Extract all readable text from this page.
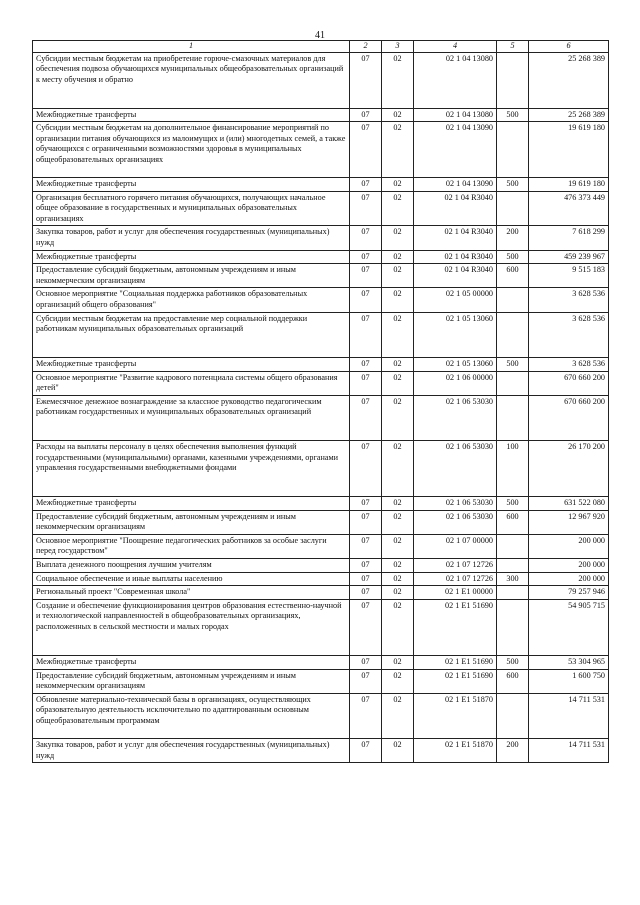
41
1	2	3	4	5	6
Субсидии местным бюджетам на приобретение горюче-смазочных материалов для обеспечения подвоза обучающихся муниципальных общеобразовательных организаций к месту обучения и обратно	07	02	02 1 04 13080		25 268 389
Межбюджетные трансферты	07	02	02 1 04 13080	500	25 268 389
Субсидии местным бюджетам на дополнительное финансирование мероприятий по организации питания обучающихся из малоимущих и (или) многодетных семей, а также обучающихся с ограниченными возможностями здоровья в муниципальных общеобразовательных организациях	07	02	02 1 04 13090		19 619 180
Межбюджетные трансферты	07	02	02 1 04 13090	500	19 619 180
Организация бесплатного горячего питания обучающихся, получающих начальное общее образование в государственных и муниципальных образовательных организациях	07	02	02 1 04 R3040		476 373 449
Закупка товаров, работ и услуг для обеспечения государственных (муниципальных) нужд	07	02	02 1 04 R3040	200	7 618 299
Межбюджетные трансферты	07	02	02 1 04 R3040	500	459 239 967
Предоставление субсидий бюджетным, автономным учреждениям и иным некоммерческим организациям	07	02	02 1 04 R3040	600	9 515 183
Основное мероприятие "Социальная поддержка работников образовательных организаций общего образования"	07	02	02 1 05 00000		3 628 536
Субсидии местным бюджетам на предоставление мер социальной поддержки работникам муниципальных образовательных организаций	07	02	02 1 05 13060		3 628 536
Межбюджетные трансферты	07	02	02 1 05 13060	500	3 628 536
Основное мероприятие "Развитие кадрового потенциала системы общего образования детей"	07	02	02 1 06 00000		670 660 200
Ежемесячное денежное вознаграждение за классное руководство педагогическим работникам государственных и муниципальных образовательных организаций	07	02	02 1 06 53030		670 660 200
Расходы на выплаты персоналу в целях обеспечения выполнения функций государственными (муниципальными) органами, казенными учреждениями, органами управления государственными внебюджетными фондами	07	02	02 1 06 53030	100	26 170 200
Межбюджетные трансферты	07	02	02 1 06 53030	500	631 522 080
Предоставление субсидий бюджетным, автономным учреждениям и иным некоммерческим организациям	07	02	02 1 06 53030	600	12 967 920
Основное мероприятие "Поощрение педагогических работников за особые заслуги перед государством"	07	02	02 1 07 00000		200 000
Выплата денежного поощрения лучшим учителям	07	02	02 1 07 12726		200 000
Социальное обеспечение и иные выплаты населению	07	02	02 1 07 12726	300	200 000
Региональный проект "Современная школа"	07	02	02 1 E1 00000		79 257 946
Создание и обеспечение функционирования центров образования естественно-научной и технологической направленностей в общеобразовательных организациях, расположенных в сельской местности и малых городах	07	02	02 1 E1 51690		54 905 715
Межбюджетные трансферты	07	02	02 1 E1 51690	500	53 304 965
Предоставление субсидий бюджетным, автономным учреждениям и иным некоммерческим организациям	07	02	02 1 E1 51690	600	1 600 750
Обновление материально-технической базы в организациях, осуществляющих образовательную деятельность исключительно по адаптированным основным общеобразовательным программам	07	02	02 1 E1 51870		14 711 531
Закупка товаров, работ и услуг для обеспечения государственных (муниципальных) нужд	07	02	02 1 E1 51870	200	14 711 531
